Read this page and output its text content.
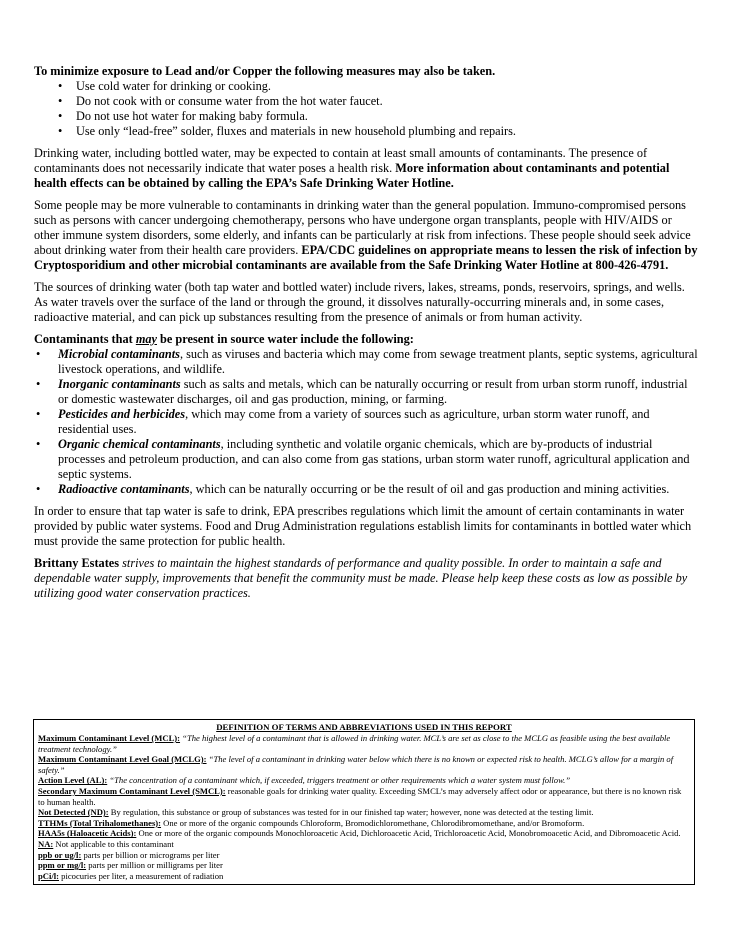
To minimize exposure to Lead and/or Copper the following measures may also be taken.

• Use cold water for drinking or cooking.
• Do not cook with or consume water from the hot water faucet.
• Do not use hot water for making baby formula.
• Use only “lead-free” solder, fluxes and materials in new household plumbing and repairs.

Drinking water, including bottled water, may be expected to contain at least small amounts of contaminants. The presence of contaminants does not necessarily indicate that water poses a health risk. More information about contaminants and potential health effects can be obtained by calling the EPA’s Safe Drinking Water Hotline.

Some people may be more vulnerable to contaminants in drinking water than the general population. Immuno-compromised persons such as persons with cancer undergoing chemotherapy, persons who have undergone organ transplants, people with HIV/AIDS or other immune system disorders, some elderly, and infants can be particularly at risk from infections. These people should seek advice about drinking water from their health care providers. EPA/CDC guidelines on appropriate means to lessen the risk of infection by Cryptosporidium and other microbial contaminants are available from the Safe Drinking Water Hotline at 800-426-4791.

The sources of drinking water (both tap water and bottled water) include rivers, lakes, streams, ponds, reservoirs, springs, and wells. As water travels over the surface of the land or through the ground, it dissolves naturally-occurring minerals and, in some cases, radioactive material, and can pick up substances resulting from the presence of animals or from human activity.

Contaminants that may be present in source water include the following:

• Microbial contaminants, such as viruses and bacteria which may come from sewage treatment plants, septic systems, agricultural livestock operations, and wildlife.
• Inorganic contaminants such as salts and metals, which can be naturally occurring or result from urban storm runoff, industrial or domestic wastewater discharges, oil and gas production, mining, or farming.
• Pesticides and herbicides, which may come from a variety of sources such as agriculture, urban storm water runoff, and residential uses.
• Organic chemical contaminants, including synthetic and volatile organic chemicals, which are by-products of industrial processes and petroleum production, and can also come from gas stations, urban storm water runoff, agricultural application and septic systems.
• Radioactive contaminants, which can be naturally occurring or be the result of oil and gas production and mining activities.

In order to ensure that tap water is safe to drink, EPA prescribes regulations which limit the amount of certain contaminants in water provided by public water systems. Food and Drug Administration regulations establish limits for contaminants in bottled water which must provide the same protection for public health.

Brittany Estates strives to maintain the highest standards of performance and quality possible. In order to maintain a safe and dependable water supply, improvements that benefit the community must be made. Please help keep these costs as low as possible by utilizing good water conservation practices.

DEFINITION OF TERMS AND ABBREVIATIONS USED IN THIS REPORT
Maximum Contaminant Level (MCL): “The highest level of a contaminant that is allowed in drinking water. MCL’s are set as close to the MCLG as feasible using the best available treatment technology.”
Maximum Contaminant Level Goal (MCLG): “The level of a contaminant in drinking water below which there is no known or expected risk to health. MCLG’s allow for a margin of safety.”
Action Level (AL): “The concentration of a contaminant which, if exceeded, triggers treatment or other requirements which a water system must follow.”
Secondary Maximum Contaminant Level (SMCL): reasonable goals for drinking water quality. Exceeding SMCL’s may adversely affect odor or appearance, but there is no known risk to human health.
Not Detected (ND): By regulation, this substance or group of substances was tested for in our finished tap water; however, none was detected at the testing limit.
TTHMs (Total Trihalomethanes): One or more of the organic compounds Chloroform, Bromodichloromethane, Chlorodibromomethane, and/or Bromoform.
HAA5s (Haloacetic Acids): One or more of the organic compounds Monochloroacetic Acid, Dichloroacetic Acid, Trichloroacetic Acid, Monobromoacetic Acid, and Dibromoacetic Acid.
NA: Not applicable to this contaminant
ppb or ug/l: parts per billion or micrograms per liter
ppm or mg/l: parts per million or milligrams per liter
pCi/l: picocuries per liter, a measurement of radiation
